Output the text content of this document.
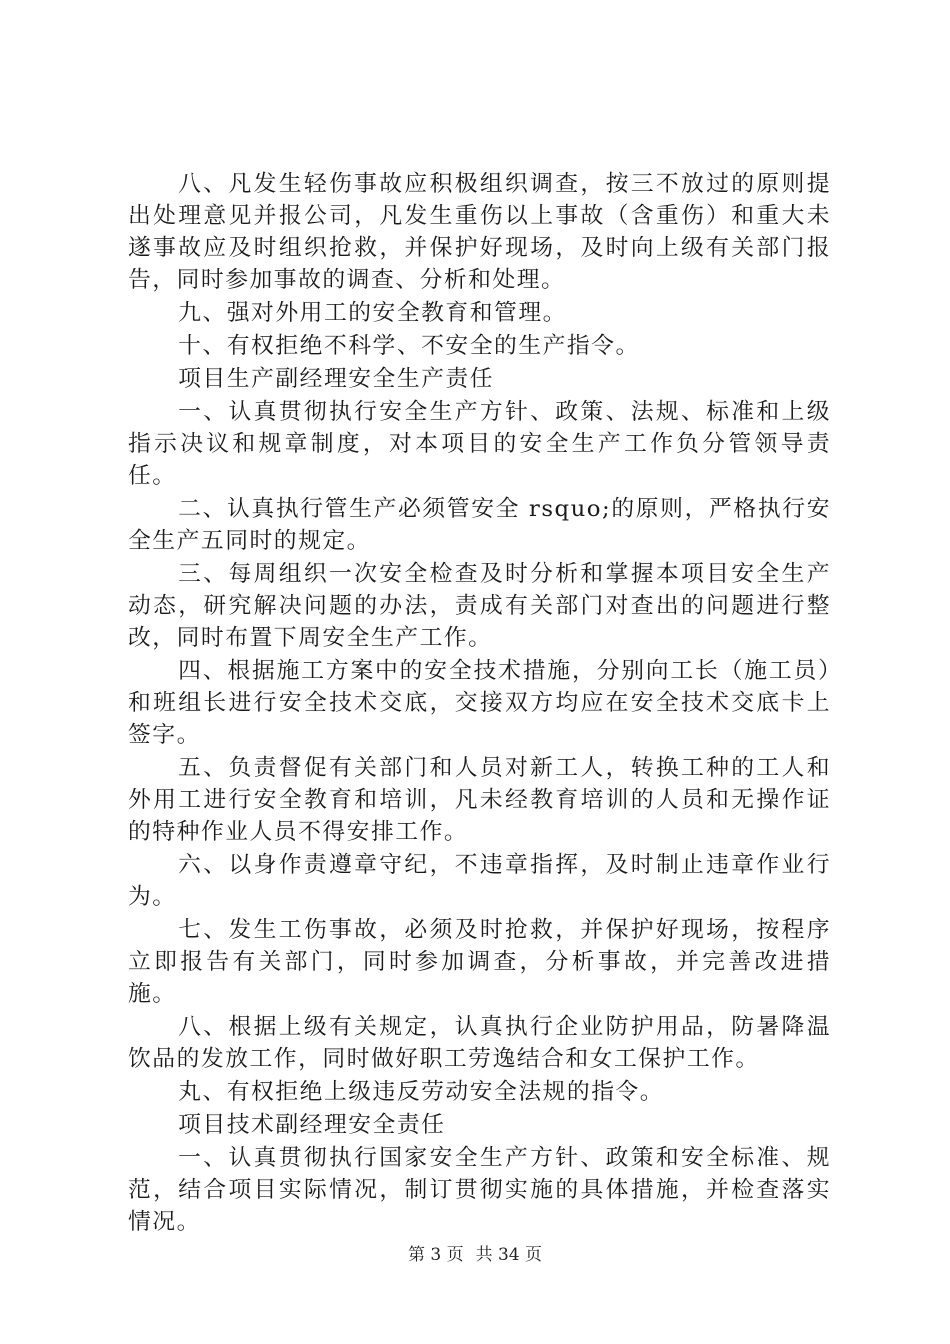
八、凡发生轻伤事故应积极组织调查，按三不放过的原则提出处理意见并报公司，凡发生重伤以上事故（含重伤）和重大未遂事故应及时组织抢救，并保护好现场，及时向上级有关部门报告，同时参加事故的调查、分析和处理。

九、强对外用工的安全教育和管理。

十、有权拒绝不科学、不安全的生产指令。

项目生产副经理安全生产责任

一、认真贯彻执行安全生产方针、政策、法规、标准和上级指示决议和规章制度，对本项目的安全生产工作负分管领导责任。

二、认真执行管生产必须管安全 rsquo;的原则，严格执行安全生产五同时的规定。

三、每周组织一次安全检查及时分析和掌握本项目安全生产动态，研究解决问题的办法，责成有关部门对查出的问题进行整改，同时布置下周安全生产工作。

四、根据施工方案中的安全技术措施，分别向工长（施工员）和班组长进行安全技术交底，交接双方均应在安全技术交底卡上签字。

五、负责督促有关部门和人员对新工人，转换工种的工人和外用工进行安全教育和培训，凡未经教育培训的人员和无操作证的特种作业人员不得安排工作。

六、以身作责遵章守纪，不违章指挥，及时制止违章作业行为。

七、发生工伤事故，必须及时抢救，并保护好现场，按程序立即报告有关部门，同时参加调查，分析事故，并完善改进措施。

八、根据上级有关规定，认真执行企业防护用品，防暑降温饮品的发放工作，同时做好职工劳逸结合和女工保护工作。

丸、有权拒绝上级违反劳动安全法规的指令。

项目技术副经理安全责任

一、认真贯彻执行国家安全生产方针、政策和安全标准、规范，结合项目实际情况，制订贯彻实施的具体措施，并检查落实情况。

第 3 页 共 34 页
